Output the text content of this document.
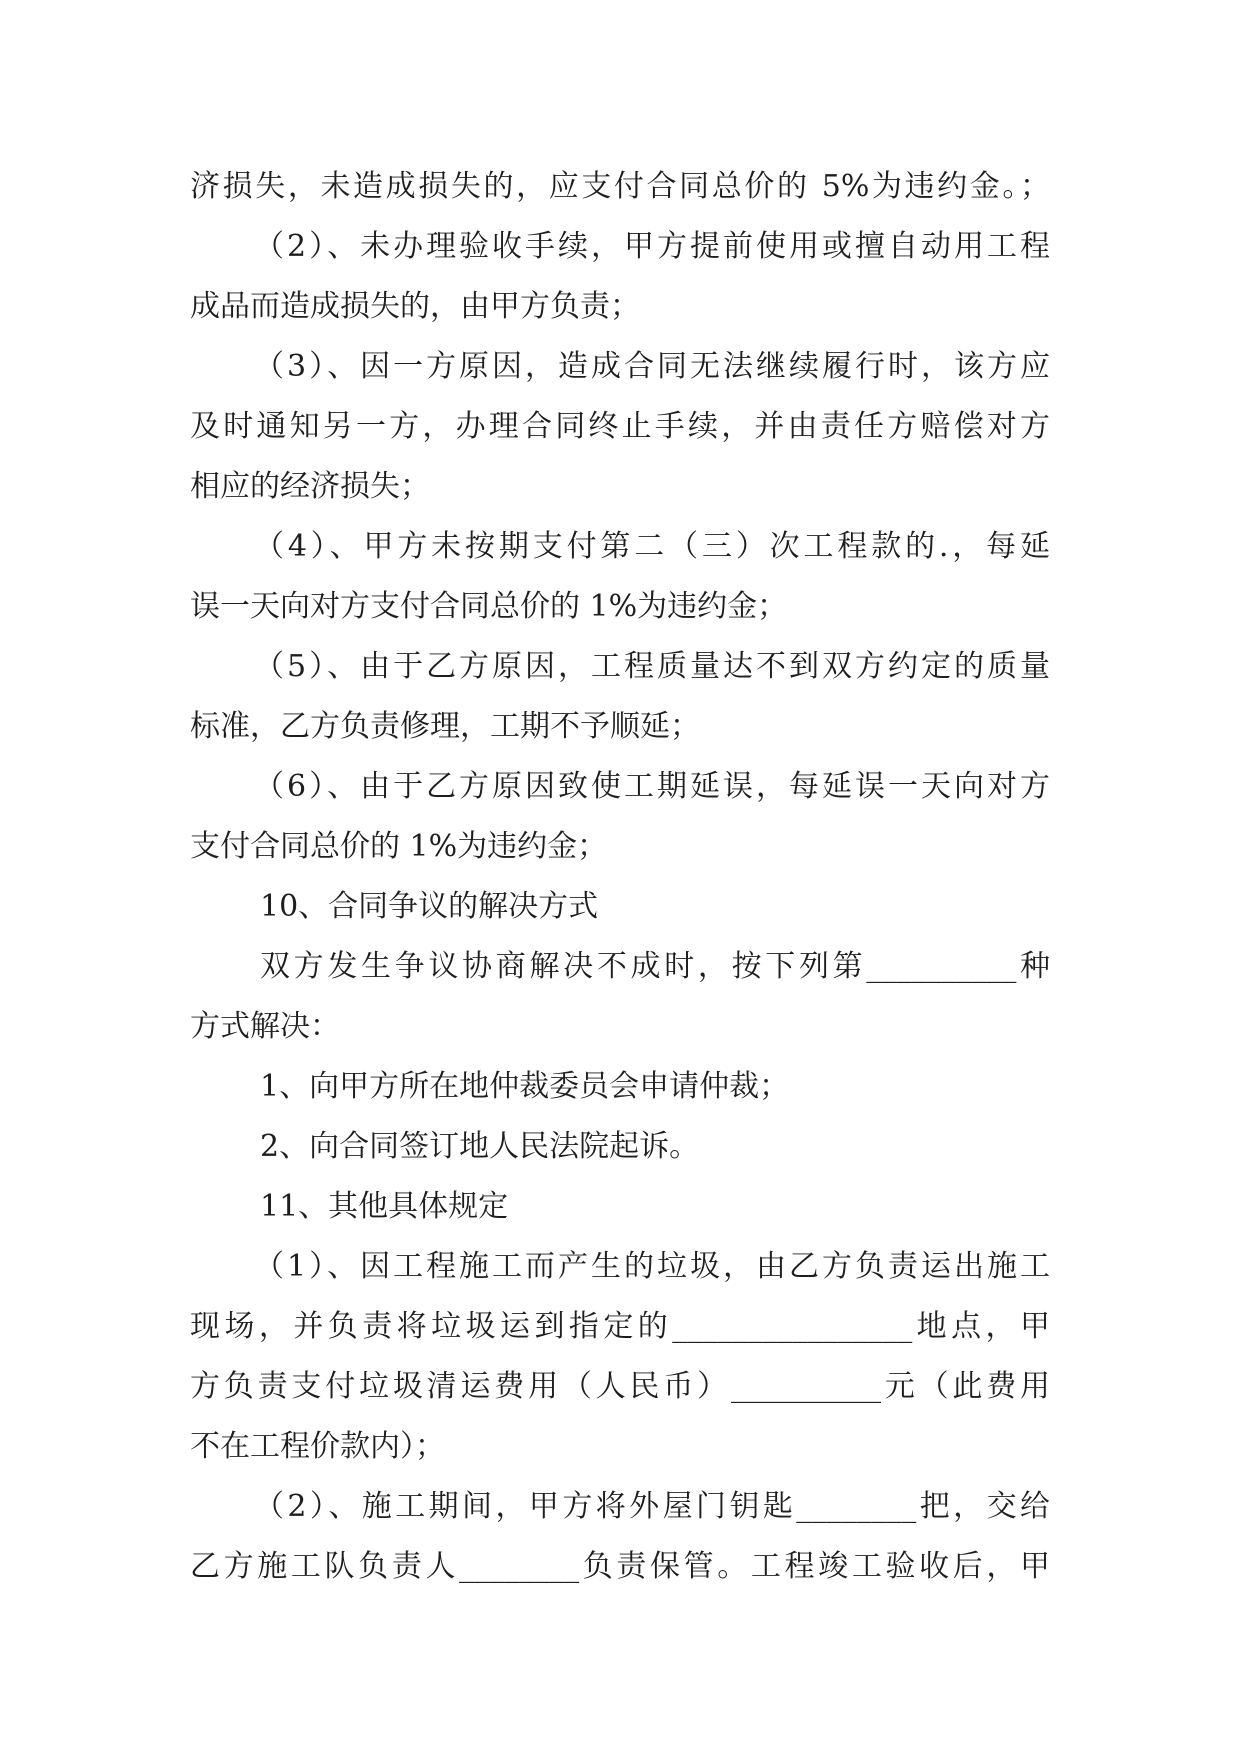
济损失，未造成损失的，应支付合同总价的 5%为违约金。；
（2）、未办理验收手续，甲方提前使用或擅自动用工程
成品而造成损失的，由甲方负责；
（3）、因一方原因，造成合同无法继续履行时，该方应
及时通知另一方，办理合同终止手续，并由责任方赔偿对方
相应的经济损失；
（4）、甲方未按期支付第二（三）次工程款的.，每延
误一天向对方支付合同总价的 1%为违约金；
（5）、由于乙方原因，工程质量达不到双方约定的质量
标准，乙方负责修理，工期不予顺延；
（6）、由于乙方原因致使工期延误，每延误一天向对方
支付合同总价的 1%为违约金；
10、合同争议的解决方式
双方发生争议协商解决不成时，按下列第__________种
方式解决：
1、向甲方所在地仲裁委员会申请仲裁；
2、向合同签订地人民法院起诉。
11、其他具体规定
（1）、因工程施工而产生的垃圾，由乙方负责运出施工
现场，并负责将垃圾运到指定的________________地点，甲
方负责支付垃圾清运费用（人民币）__________元（此费用
不在工程价款内）；
（2）、施工期间，甲方将外屋门钥匙________把，交给
乙方施工队负责人________负责保管。工程竣工验收后，甲
